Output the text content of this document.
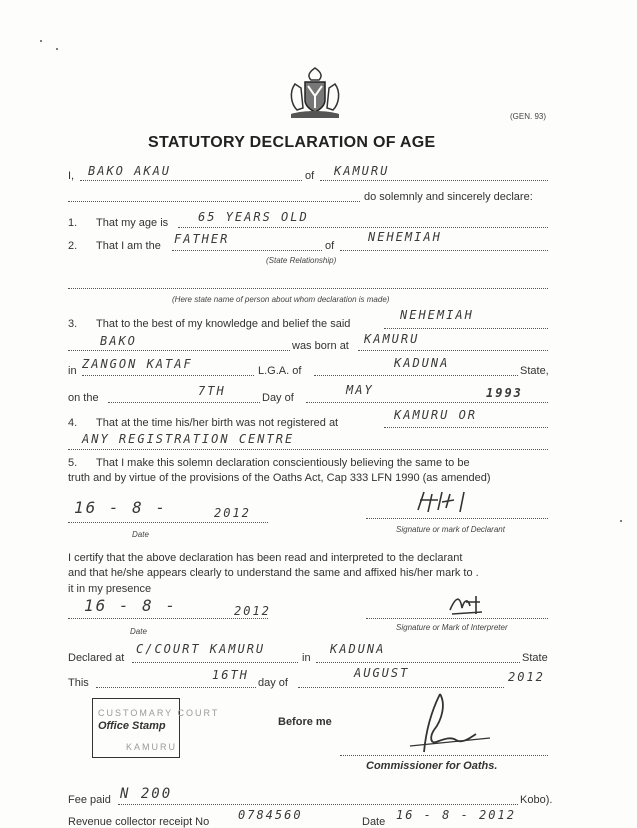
(GEN. 93)
STATUTORY DECLARATION OF AGE
I, BAKO AKAU	of KAMURU
do solemnly and sincerely declare:
1. That my age is 65 YEARS OLD
2. That I am the FATHER	of
NEHEMIAH
(State Relationship)
(Here state name of person about whom declaration is made)
3. That to the best of my knowledge and belief the said
NEHEMIAH
BAKO	was born at KAMURU
in ZANGON KATAF	L.G.A. of
KADUNA
State,
on the	7TH	Day of
MAY	1993
4. That at the time his/her birth was not registered at
KAMURU OR
ANY REGISTRATION CENTRE
5. That I make this solemn declaration conscientiously believing the same to be
truth and by virtue of the provisions of the Oaths Act, Cap 333 LFN 1990 (as amended)
16 - 8 -	2012
Date
Signature or mark of Declarant
I certify that the above declaration has been read and interpreted to the declarant
and that he/she appears clearly to understand the same and affixed his/her mark to .
it in my presence
16 - 8 -	2012
Date	Signature or Mark of Interpreter
Declared at
C/COURT KAMURU
in
KADUNA
State
This
16TH
day of
AUGUST	2012
CUSTOMARY COURT
KAMURU
Office Stamp	Before me
Commissioner for Oaths.
Fee paid N 200	Kobo).
Revenue collector receipt No 0784560	Date 16 - 8 - 2012
